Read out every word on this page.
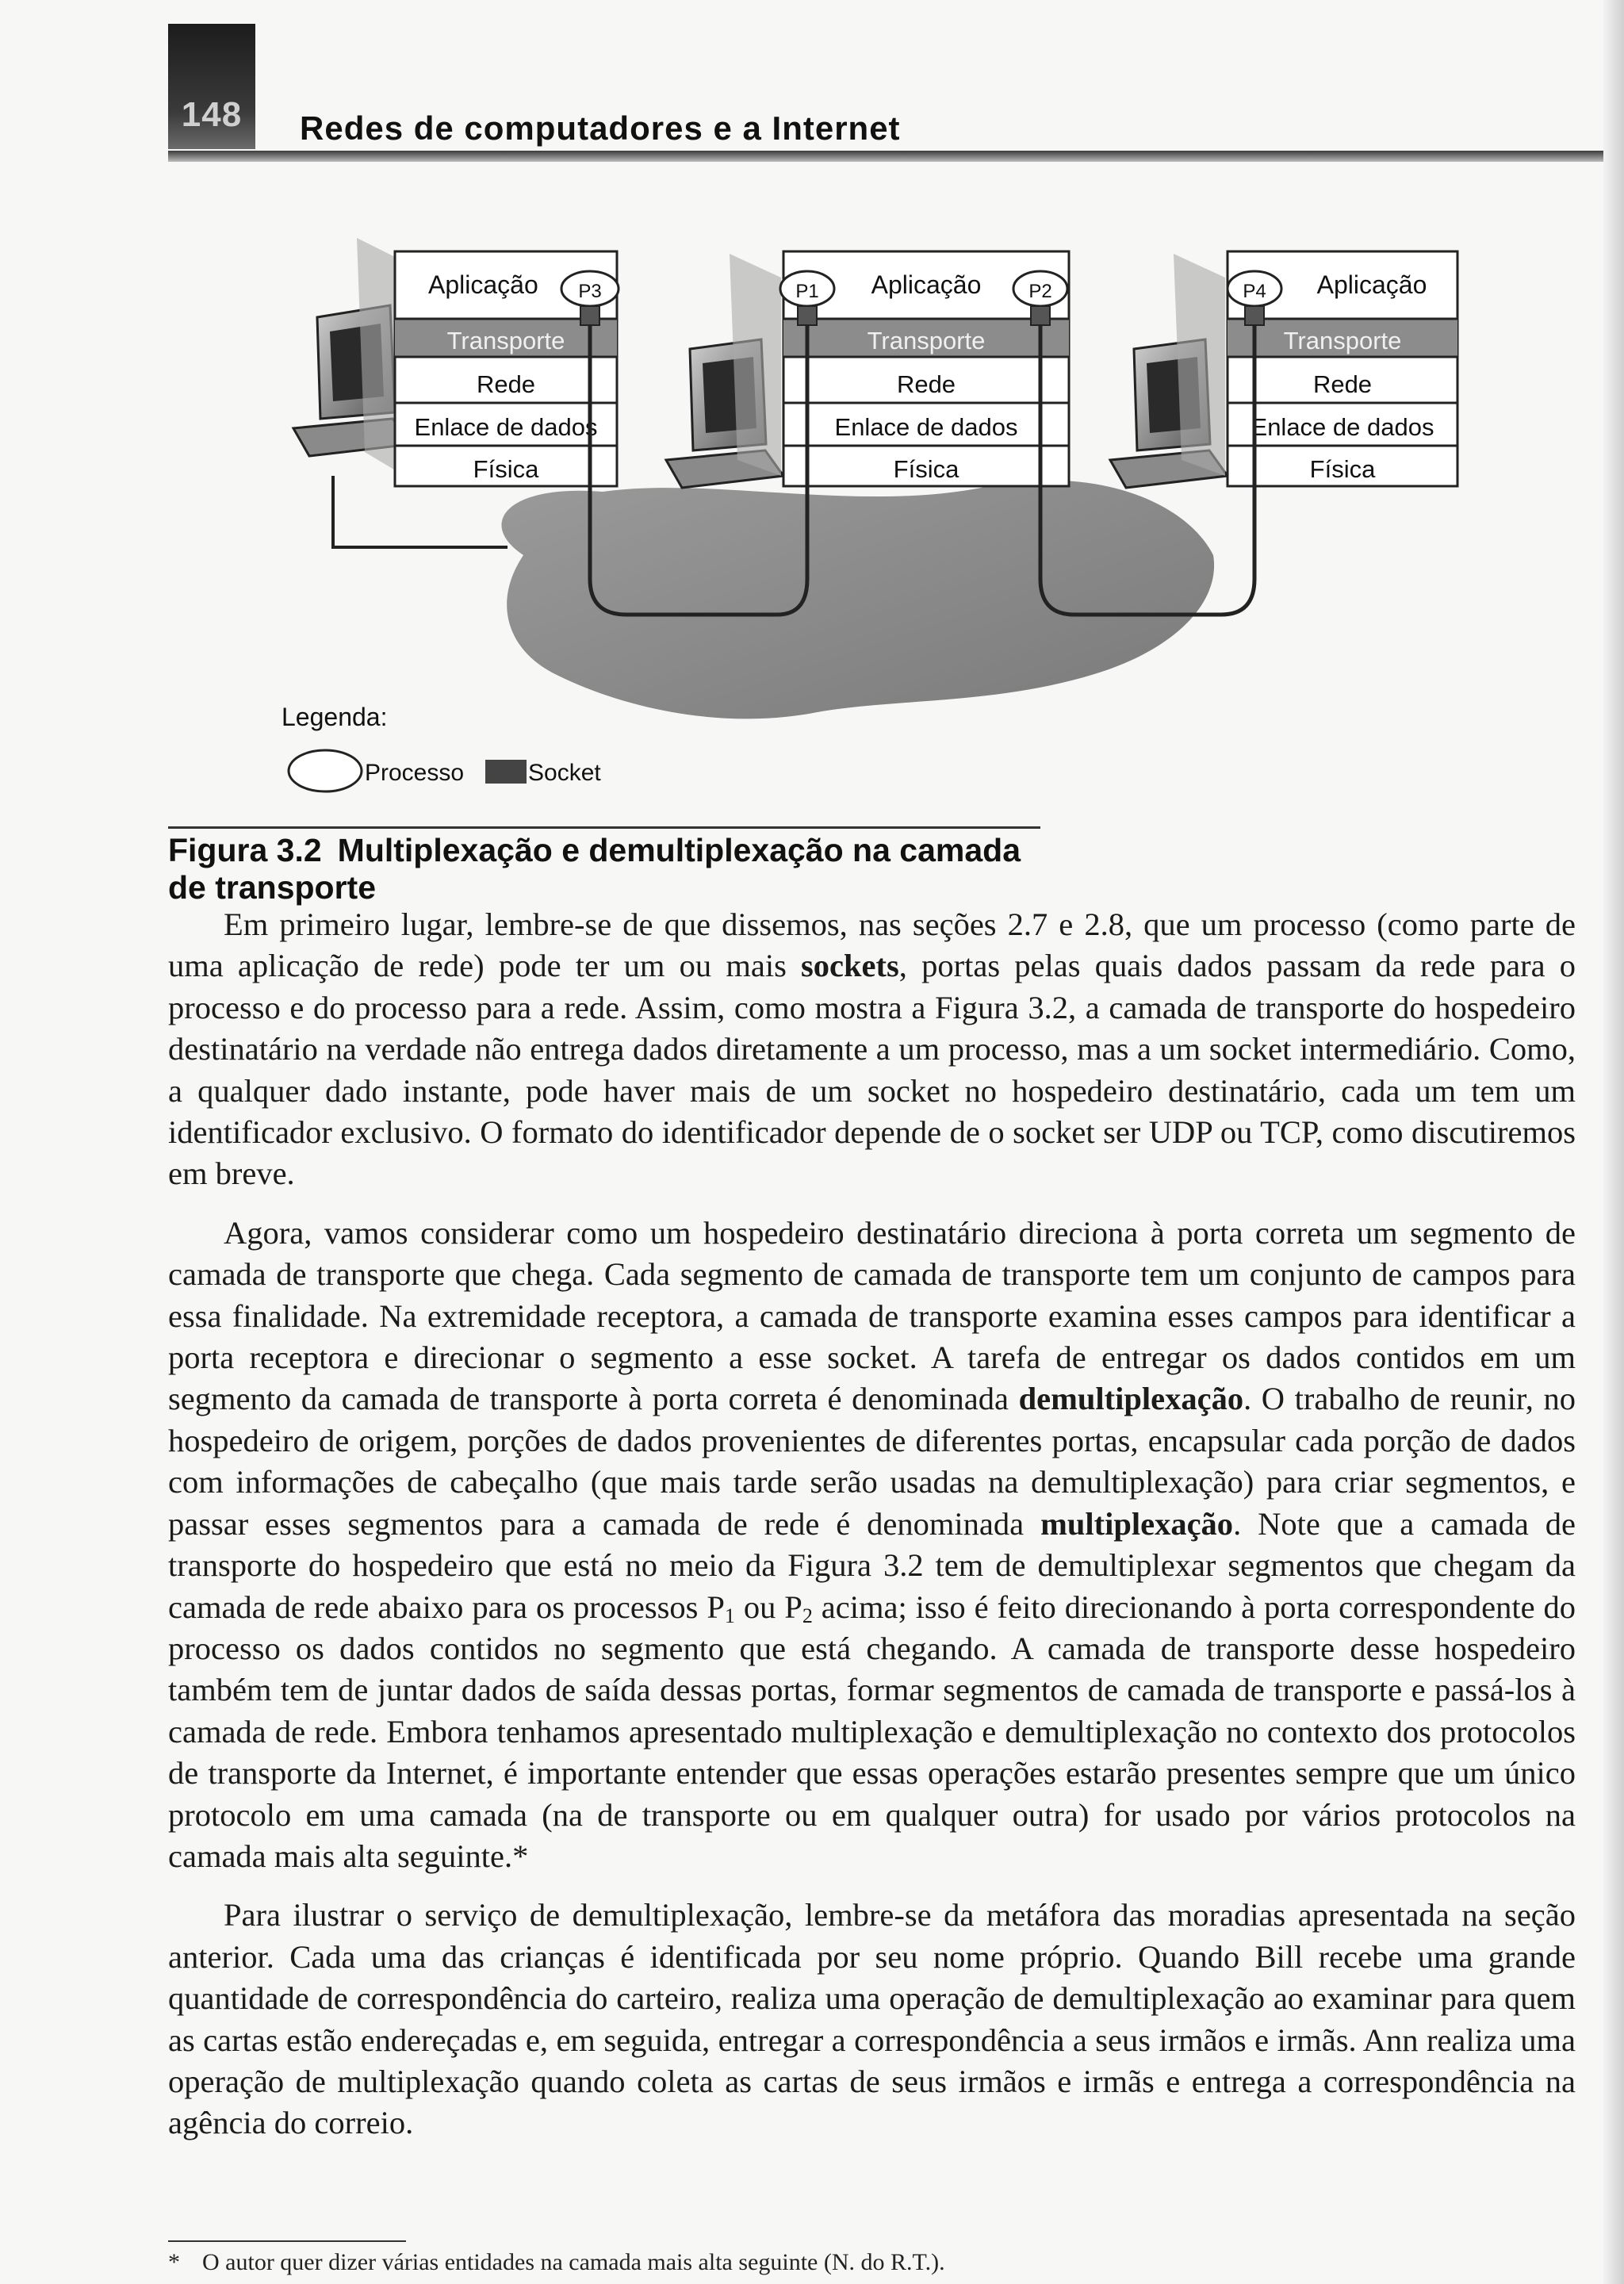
148 Redes de computadores e a Internet
Aplicação
Transporte
Rede
Enlace de dados
Física
P3	P1 Aplicação P2
Transporte
Rede
Enlace de dados
Física
P4 Aplicação
Transporte
Rede
Enlace de dados
Física
Legenda:
Processo	Socket
Figura 3.2 Multiplexação e demultiplexação na camada de transporte

Em primeiro lugar, lembre-se de que dissemos, nas seções 2.7 e 2.8, que um processo (como parte de uma aplicação de rede) pode ter um ou mais sockets, portas pelas quais dados passam da rede para o processo e do processo para a rede. Assim, como mostra a Figura 3.2, a camada de transporte do hospedeiro destinatário na verdade não entrega dados diretamente a um processo, mas a um socket intermediário. Como, a qualquer dado instante, pode haver mais de um socket no hospedeiro destinatário, cada um tem um identificador exclusivo. O formato do identificador depende de o socket ser UDP ou TCP, como discutiremos em breve.

Agora, vamos considerar como um hospedeiro destinatário direciona à porta correta um segmento de camada de transporte que chega. Cada segmento de camada de transporte tem um conjunto de campos para essa finalidade. Na extremidade receptora, a camada de transporte examina esses campos para identificar a porta receptora e direcionar o segmento a esse socket. A tarefa de entregar os dados contidos em um segmento da camada de transporte à porta correta é denominada demultiplexação. O trabalho de reunir, no hospedeiro de origem, porções de dados provenientes de diferentes portas, encapsular cada porção de dados com informações de cabeçalho (que mais tarde serão usadas na demultiplexação) para criar segmentos, e passar esses segmentos para a camada de rede é denominada multiplexação. Note que a camada de transporte do hospedeiro que está no meio da Figura 3.2 tem de demultiplexar segmentos que chegam da camada de rede abaixo para os processos $P_1$ ou $P_2$ acima; isso é feito direcionando à porta correspondente do processo os dados contidos no segmento que está chegando. A camada de transporte desse hospedeiro também tem de juntar dados de saída dessas portas, formar segmentos de camada de transporte e passá-los à camada de rede. Embora tenhamos apresentado multiplexação e demultiplexação no contexto dos protocolos de transporte da Internet, é importante entender que essas operações estarão presentes sempre que um único protocolo em uma camada (na de transporte ou em qualquer outra) for usado por vários protocolos na camada mais alta seguinte.*

Para ilustrar o serviço de demultiplexação, lembre-se da metáfora das moradias apresentada na seção anterior. Cada uma das crianças é identificada por seu nome próprio. Quando Bill recebe uma grande quantidade de correspondência do carteiro, realiza uma operação de demultiplexação ao examinar para quem as cartas estão endereçadas e, em seguida, entregar a correspondência a seus irmãos e irmãs. Ann realiza uma operação de multiplexação quando coleta as cartas de seus irmãos e irmãs e entrega a correspondência na agência do correio.

* O autor quer dizer várias entidades na camada mais alta seguinte (N. do R.T.).
